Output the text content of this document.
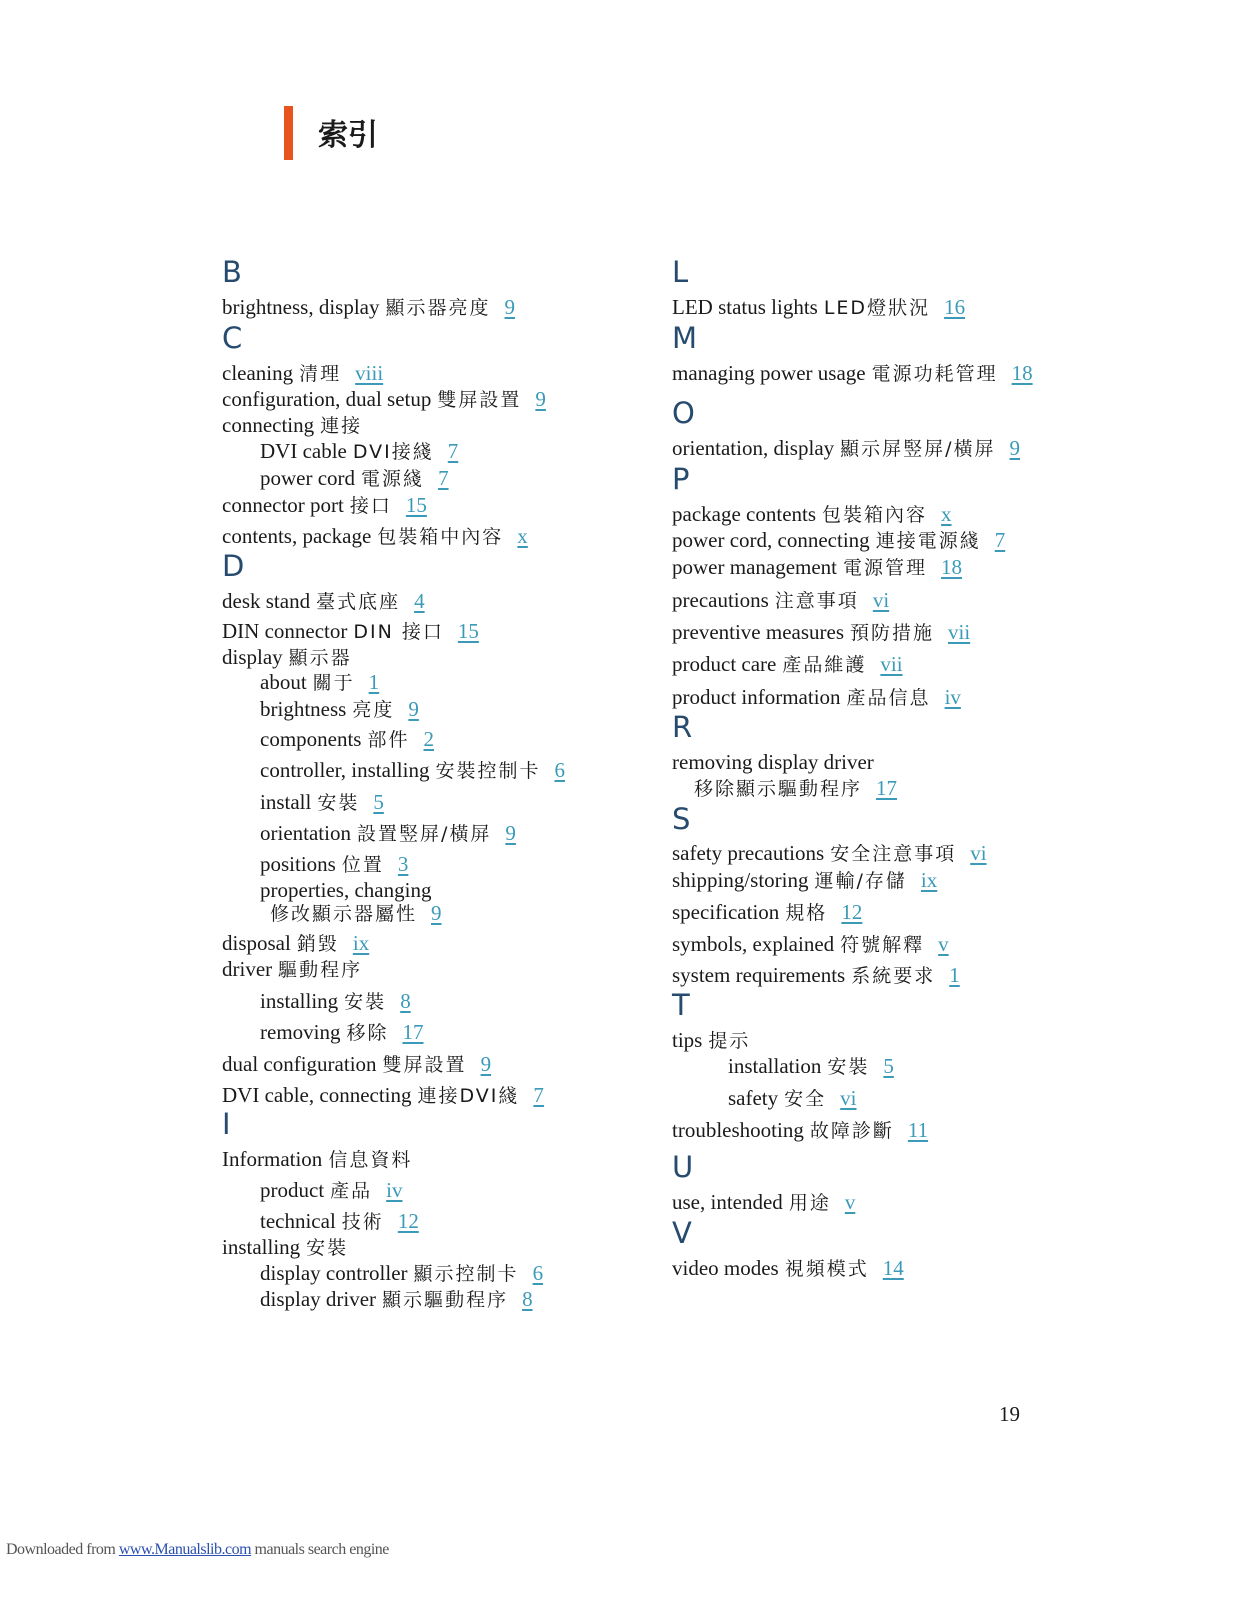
索引
B
brightness, display 顯示器亮度 9
C
cleaning 清理 viii
configuration, dual setup 雙屏設置 9
connecting 連接
DVI cable DVI接綫 7
power cord 電源綫 7
connector port 接口 15
contents, package 包裝箱中內容 x
D
desk stand 臺式底座 4
DIN connector DIN 接口 15
display 顯示器
about 關于 1
brightness 亮度 9
components 部件 2
controller, installing 安裝控制卡 6
install 安裝 5
orientation 設置竪屏/橫屏 9
positions 位置 3
properties, changing
修改顯示器屬性 9
disposal 銷毀 ix
driver 驅動程序
installing 安裝 8
removing 移除 17
dual configuration 雙屏設置 9
DVI cable, connecting 連接DVI綫 7
I
Information 信息資料
product 產品 iv
technical 技術 12
installing 安裝
display controller 顯示控制卡 6
display driver 顯示驅動程序 8
L
LED status lights LED燈狀況 16
M
managing power usage 電源功耗管理 18
O
orientation, display 顯示屏竪屏/橫屏 9
P
package contents 包裝箱內容 x
power cord, connecting 連接電源綫 7
power management 電源管理 18
precautions 注意事項 vi
preventive measures 預防措施 vii
product care 產品維護 vii
product information 產品信息 iv
R
removing display driver
移除顯示驅動程序 17
S
safety precautions 安全注意事項 vi
shipping/storing 運輸/存儲 ix
specification 規格 12
symbols, explained 符號解釋 v
system requirements 系統要求 1
T
tips 提示
installation 安裝 5
safety 安全 vi
troubleshooting 故障診斷 11
U
use, intended 用途 v
V
video modes 視頻模式 14
19
Downloaded from www.Manualslib.com manuals search engine
